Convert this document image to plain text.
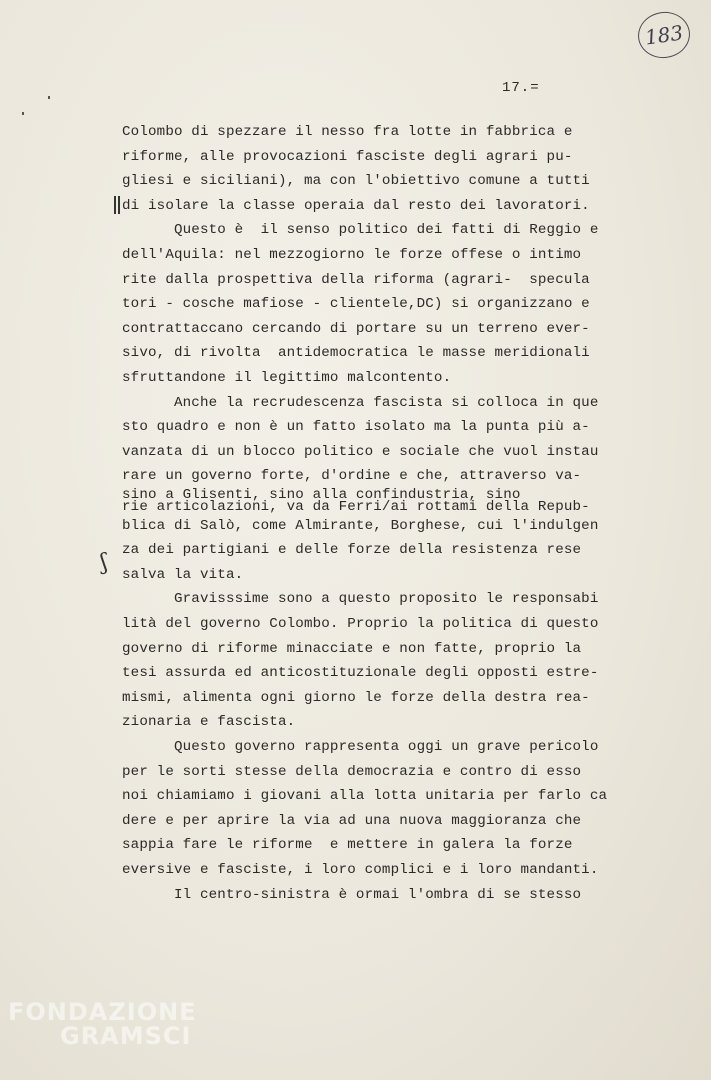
183
17.=
ʃ
Colombo di spezzare il nesso fra lotte in fabbrica e
riforme, alle provocazioni fasciste degli agrari pu-
gliesi e siciliani), ma con l'obiettivo comune a tutti
di isolare la classe operaia dal resto dei lavoratori.
Questo è  il senso politico dei fatti di Reggio e
dell'Aquila: nel mezzogiorno le forze offese o intimo
rite dalla prospettiva della riforma (agrari-  specula
tori - cosche mafiose - clientele,DC) si organizzano e
contrattaccano cercando di portare su un terreno ever-
sivo, di rivolta  antidemocratica le masse meridionali
sfruttandone il legittimo malcontento.
Anche la recrudescenza fascista si colloca in que
sto quadro e non è un fatto isolato ma la punta più a-
vanzata di un blocco politico e sociale che vuol instau
rare un governo forte, d'ordine e che, attraverso va-
sino a Glisenti, sino alla confindustria, sino
rie articolazioni, va da Ferri/ai rottami della Repub-
blica di Salò, come Almirante, Borghese, cui l'indulgen
za dei partigiani e delle forze della resistenza rese
salva la vita.
Gravisssime sono a questo proposito le responsabi
lità del governo Colombo. Proprio la politica di questo
governo di riforme minacciate e non fatte, proprio la
tesi assurda ed anticostituzionale degli opposti estre-
mismi, alimenta ogni giorno le forze della destra rea-
zionaria e fascista.
Questo governo rappresenta oggi un grave pericolo
per le sorti stesse della democrazia e contro di esso
noi chiamiamo i giovani alla lotta unitaria per farlo ca
dere e per aprire la via ad una nuova maggioranza che
sappia fare le riforme  e mettere in galera la forze
eversive e fasciste, i loro complici e i loro mandanti.
Il centro-sinistra è ormai l'ombra di se stesso
FONDAZIONE
GRAMSCI
